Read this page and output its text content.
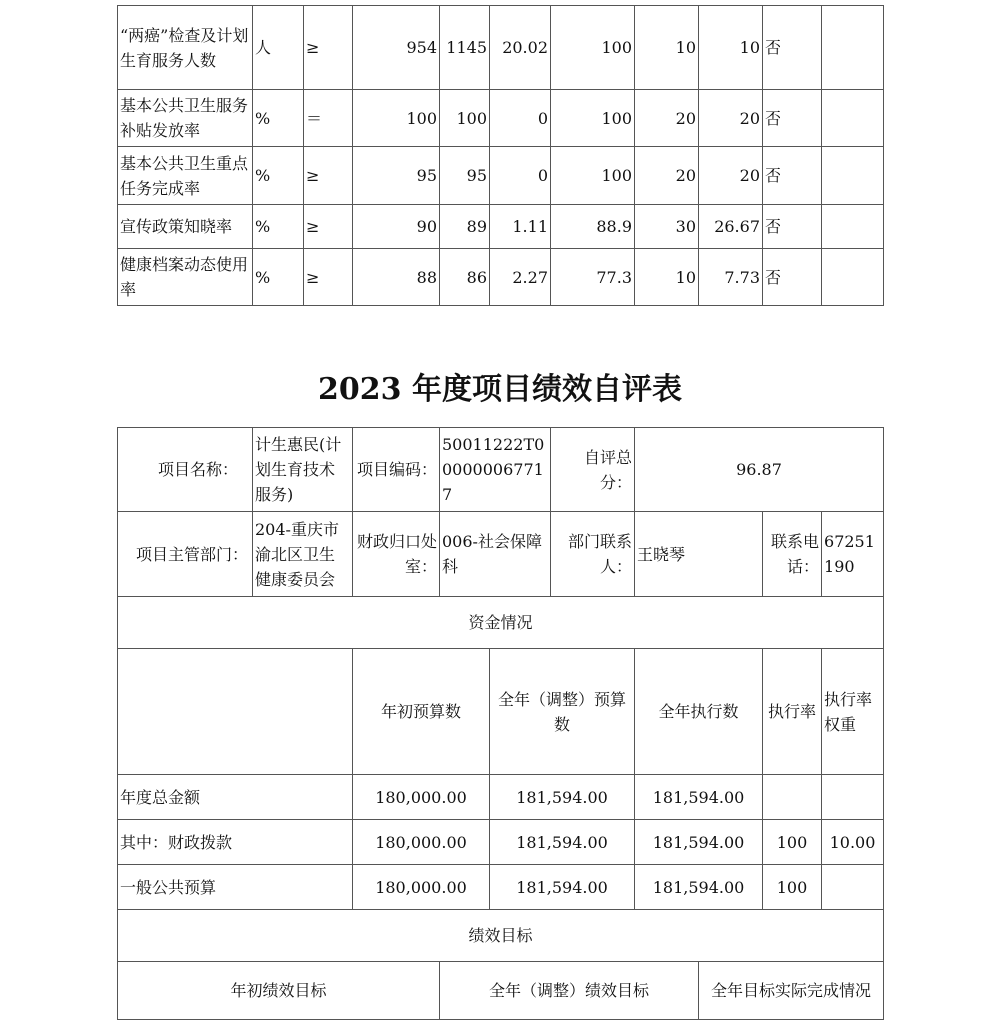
“两癌”检查及计划生育服务人数	人	≥	954	1145	20.02	100	10	10	否	
基本公共卫生服务补贴发放率	%	＝	100	100	0	100	20	20	否	
基本公共卫生重点任务完成率	%	≥	95	95	0	100	20	20	否	
宣传政策知晓率	%	≥	90	89	1.11	88.9	30	26.67	否	
健康档案动态使用率	%	≥	88	86	2.27	77.3	10	7.73	否	
2023 年度项目绩效自评表
项目名称：	计生惠民(计划生育技术服务)	项目编码：	50011222T000000067717		自评总分：	96.87				
项目主管部门：	204-重庆市渝北区卫生健康委员会	财政归口处室：	006-社会保障科		部门联系人：	王晓琴		联系电话：	67251190	
资金情况										
		年初预算数		全年（调整）预算数		全年执行数		执行率	执行率权重	
年度总金额		180,000.00		181,594.00		181,594.00				
其中：财政拨款		180,000.00		181,594.00		181,594.00		100	10.00	
一般公共预算		180,000.00		181,594.00		181,594.00		100		
绩效目标										
年初绩效目标			全年（调整）绩效目标				全年目标实际完成情况			
